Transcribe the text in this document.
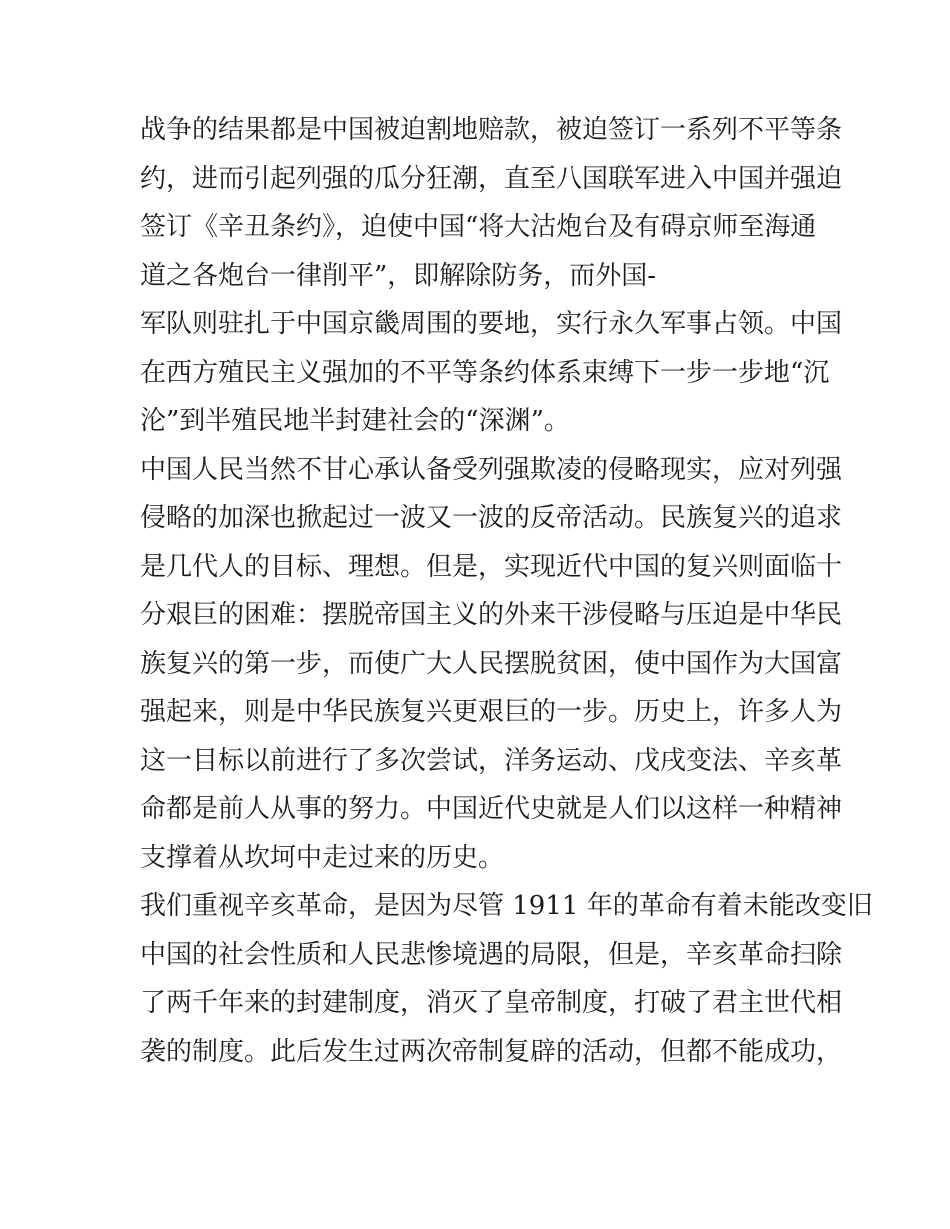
战争的结果都是中国被迫割地赔款，被迫签订一系列不平等条
约，进而引起列强的瓜分狂潮，直至八国联军进入中国并强迫
签订《辛丑条约》，迫使中国“将大沽炮台及有碍京师至海通
道之各炮台一律削平”，即解除防务，而外国-
军队则驻扎于中国京畿周围的要地，实行永久军事占领。中国
在西方殖民主义强加的不平等条约体系束缚下一步一步地“沉
沦”到半殖民地半封建社会的“深渊”。
中国人民当然不甘心承认备受列强欺凌的侵略现实，应对列强
侵略的加深也掀起过一波又一波的反帝活动。民族复兴的追求
是几代人的目标、理想。但是，实现近代中国的复兴则面临十
分艰巨的困难：摆脱帝国主义的外来干涉侵略与压迫是中华民
族复兴的第一步，而使广大人民摆脱贫困，使中国作为大国富
强起来，则是中华民族复兴更艰巨的一步。历史上，许多人为
这一目标以前进行了多次尝试，洋务运动、戊戌变法、辛亥革
命都是前人从事的努力。中国近代史就是人们以这样一种精神
支撑着从坎坷中走过来的历史。
我们重视辛亥革命，是因为尽管 1911 年的革命有着未能改变旧
中国的社会性质和人民悲惨境遇的局限，但是，辛亥革命扫除
了两千年来的封建制度，消灭了皇帝制度，打破了君主世代相
袭的制度。此后发生过两次帝制复辟的活动，但都不能成功，
